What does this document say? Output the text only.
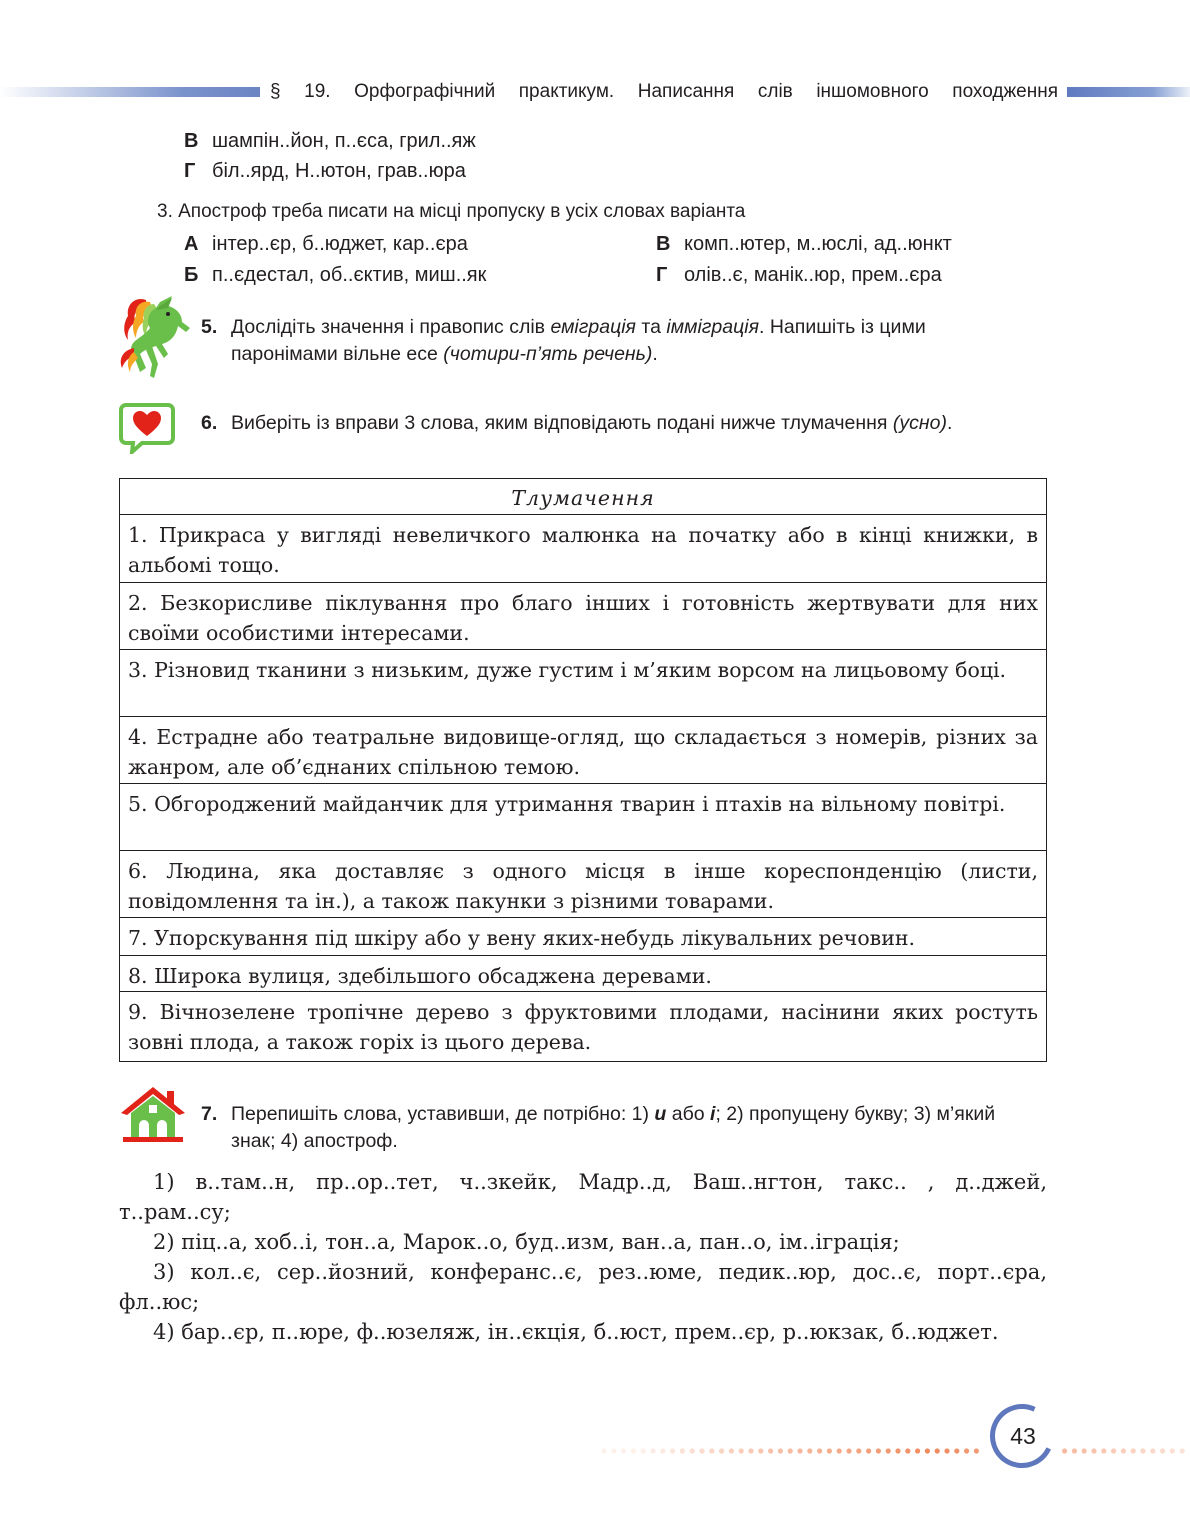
§ 19. Орфографічний практикум. Написання слів іншомовного походження
В шампін..йон, п..єса, грил..яж
Г біл..ярд, Н..ютон, грав..юра
3. Апостроф треба писати на місці пропуску в усіх словах варіанта
А інтер..єр, б..юджет, кар..єра
Б п..єдестал, об..єктив, миш..як
В комп..ютер, м..юслі, ад..юнкт
Г олів..є, манік..юр, прем..єра
5. Дослідіть значення і правопис слів еміграція та імміграція. Напишіть із цими паронімами вільне есе (чотири-п’ять речень).
6. Виберіть із вправи 3 слова, яким відповідають подані нижче тлумачення (усно).
Тлумачення
1. Прикраса у вигляді невеличкого малюнка на початку або в кінці книжки, в альбомі тощо.
2. Безкорисливе піклування про благо інших і готовність жертвувати для них своїми особистими інтересами.
3. Різновид тканини з низьким, дуже густим і м’яким ворсом на лицьовому боці.
4. Естрадне або театральне видовище-огляд, що складається з номерів, різних за жанром, але об’єднаних спільною темою.
5. Обгороджений майданчик для утримання тварин і птахів на вільному повітрі.
6. Людина, яка доставляє з одного місця в інше кореспонденцію (листи, повідомлення та ін.), а також пакунки з різними товарами.
7. Упорскування під шкіру або у вену яких-небудь лікувальних речовин.
8. Широка вулиця, здебільшого обсаджена деревами.
9. Вічнозелене тропічне дерево з фруктовими плодами, насінини яких ростуть зовні плода, а також горіх із цього дерева.
7. Перепишіть слова, уставивши, де потрібно: 1) и або і; 2) пропущену букву; 3) м’який знак; 4) апостроф.

1) в..там..н, пр..ор..тет, ч..зкейк, Мадр..д, Ваш..нгтон, такс.. , д..джей, т..рам..су;

2) піц..а, хоб..і, тон..а, Марок..о, буд..изм, ван..а, пан..о, ім..іграція;

3) кол..є, сер..йозний, конферанс..є, рез..юме, педик..юр, дос..є, порт..єра, фл..юс;

4) бар..єр, п..юре, ф..юзеляж, ін..єкція, б..юст, прем..єр, р..юкзак, б..юджет.

43
